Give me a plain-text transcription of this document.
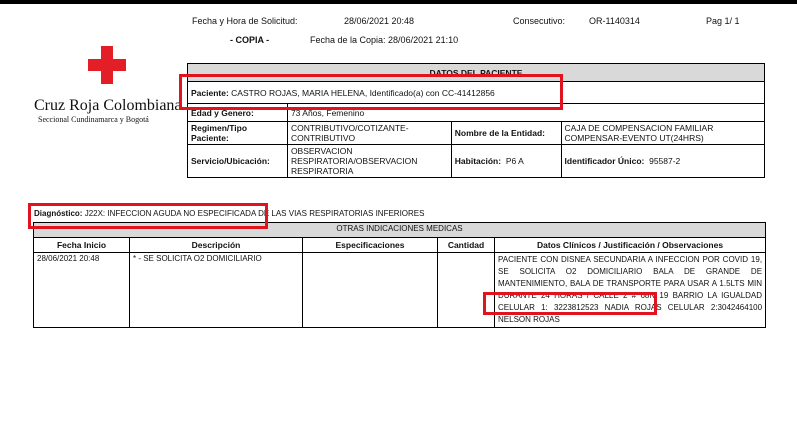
Fecha y Hora de Solicitud:	28/06/2021 20:48	Consecutivo:	OR-1140314	Pag 1/ 1
- COPIA -	Fecha de la Copia: 28/06/2021 21:10
Cruz Roja Colombiana
Seccional Cundinamarca y Bogotá
DATOS DEL PACIENTE			
Paciente: CASTRO ROJAS, MARIA HELENA, Identificado(a) con CC-41412856			
Edad y Genero:	73 Años, Femenino		
Regimen/Tipo Paciente:	CONTRIBUTIVO/COTIZANTE-CONTRIBUTIVO	Nombre de la Entidad:	CAJA DE COMPENSACION FAMILIAR COMPENSAR-EVENTO UT(24HRS)
Servicio/Ubicación:	OBSERVACION RESPIRATORIA/OBSERVACION RESPIRATORIA	Habitación: P6 A	Identificador Único: 95587-2
Diagnóstico: J22X: INFECCION AGUDA NO ESPECIFICADA DE LAS VIAS RESPIRATORIAS INFERIORES
OTRAS INDICACIONES MEDICAS				
Fecha Inicio	Descripción	Especificaciones	Cantidad	Datos Clínicos / Justificación / Observaciones
28/06/2021 20:48	* - SE SOLICITA O2 DOMICILIARIO			PACIENTE CON DISNEA SECUNDARIA A INFECCION POR COVID 19, SE SOLICITA O2 DOMICILIARIO BALA DE GRANDE DE MANTENIMIENTO, BALA DE TRANSPORTE PARA USAR A 1.5LTS MIN DURANTE 24 HORAS / CALLE 2 # 68N 19 BARRIO LA IGUALDAD CELULAR 1: 3223812523 NADIA ROJAS CELULAR 2:3042464100 NELSON ROJAS
